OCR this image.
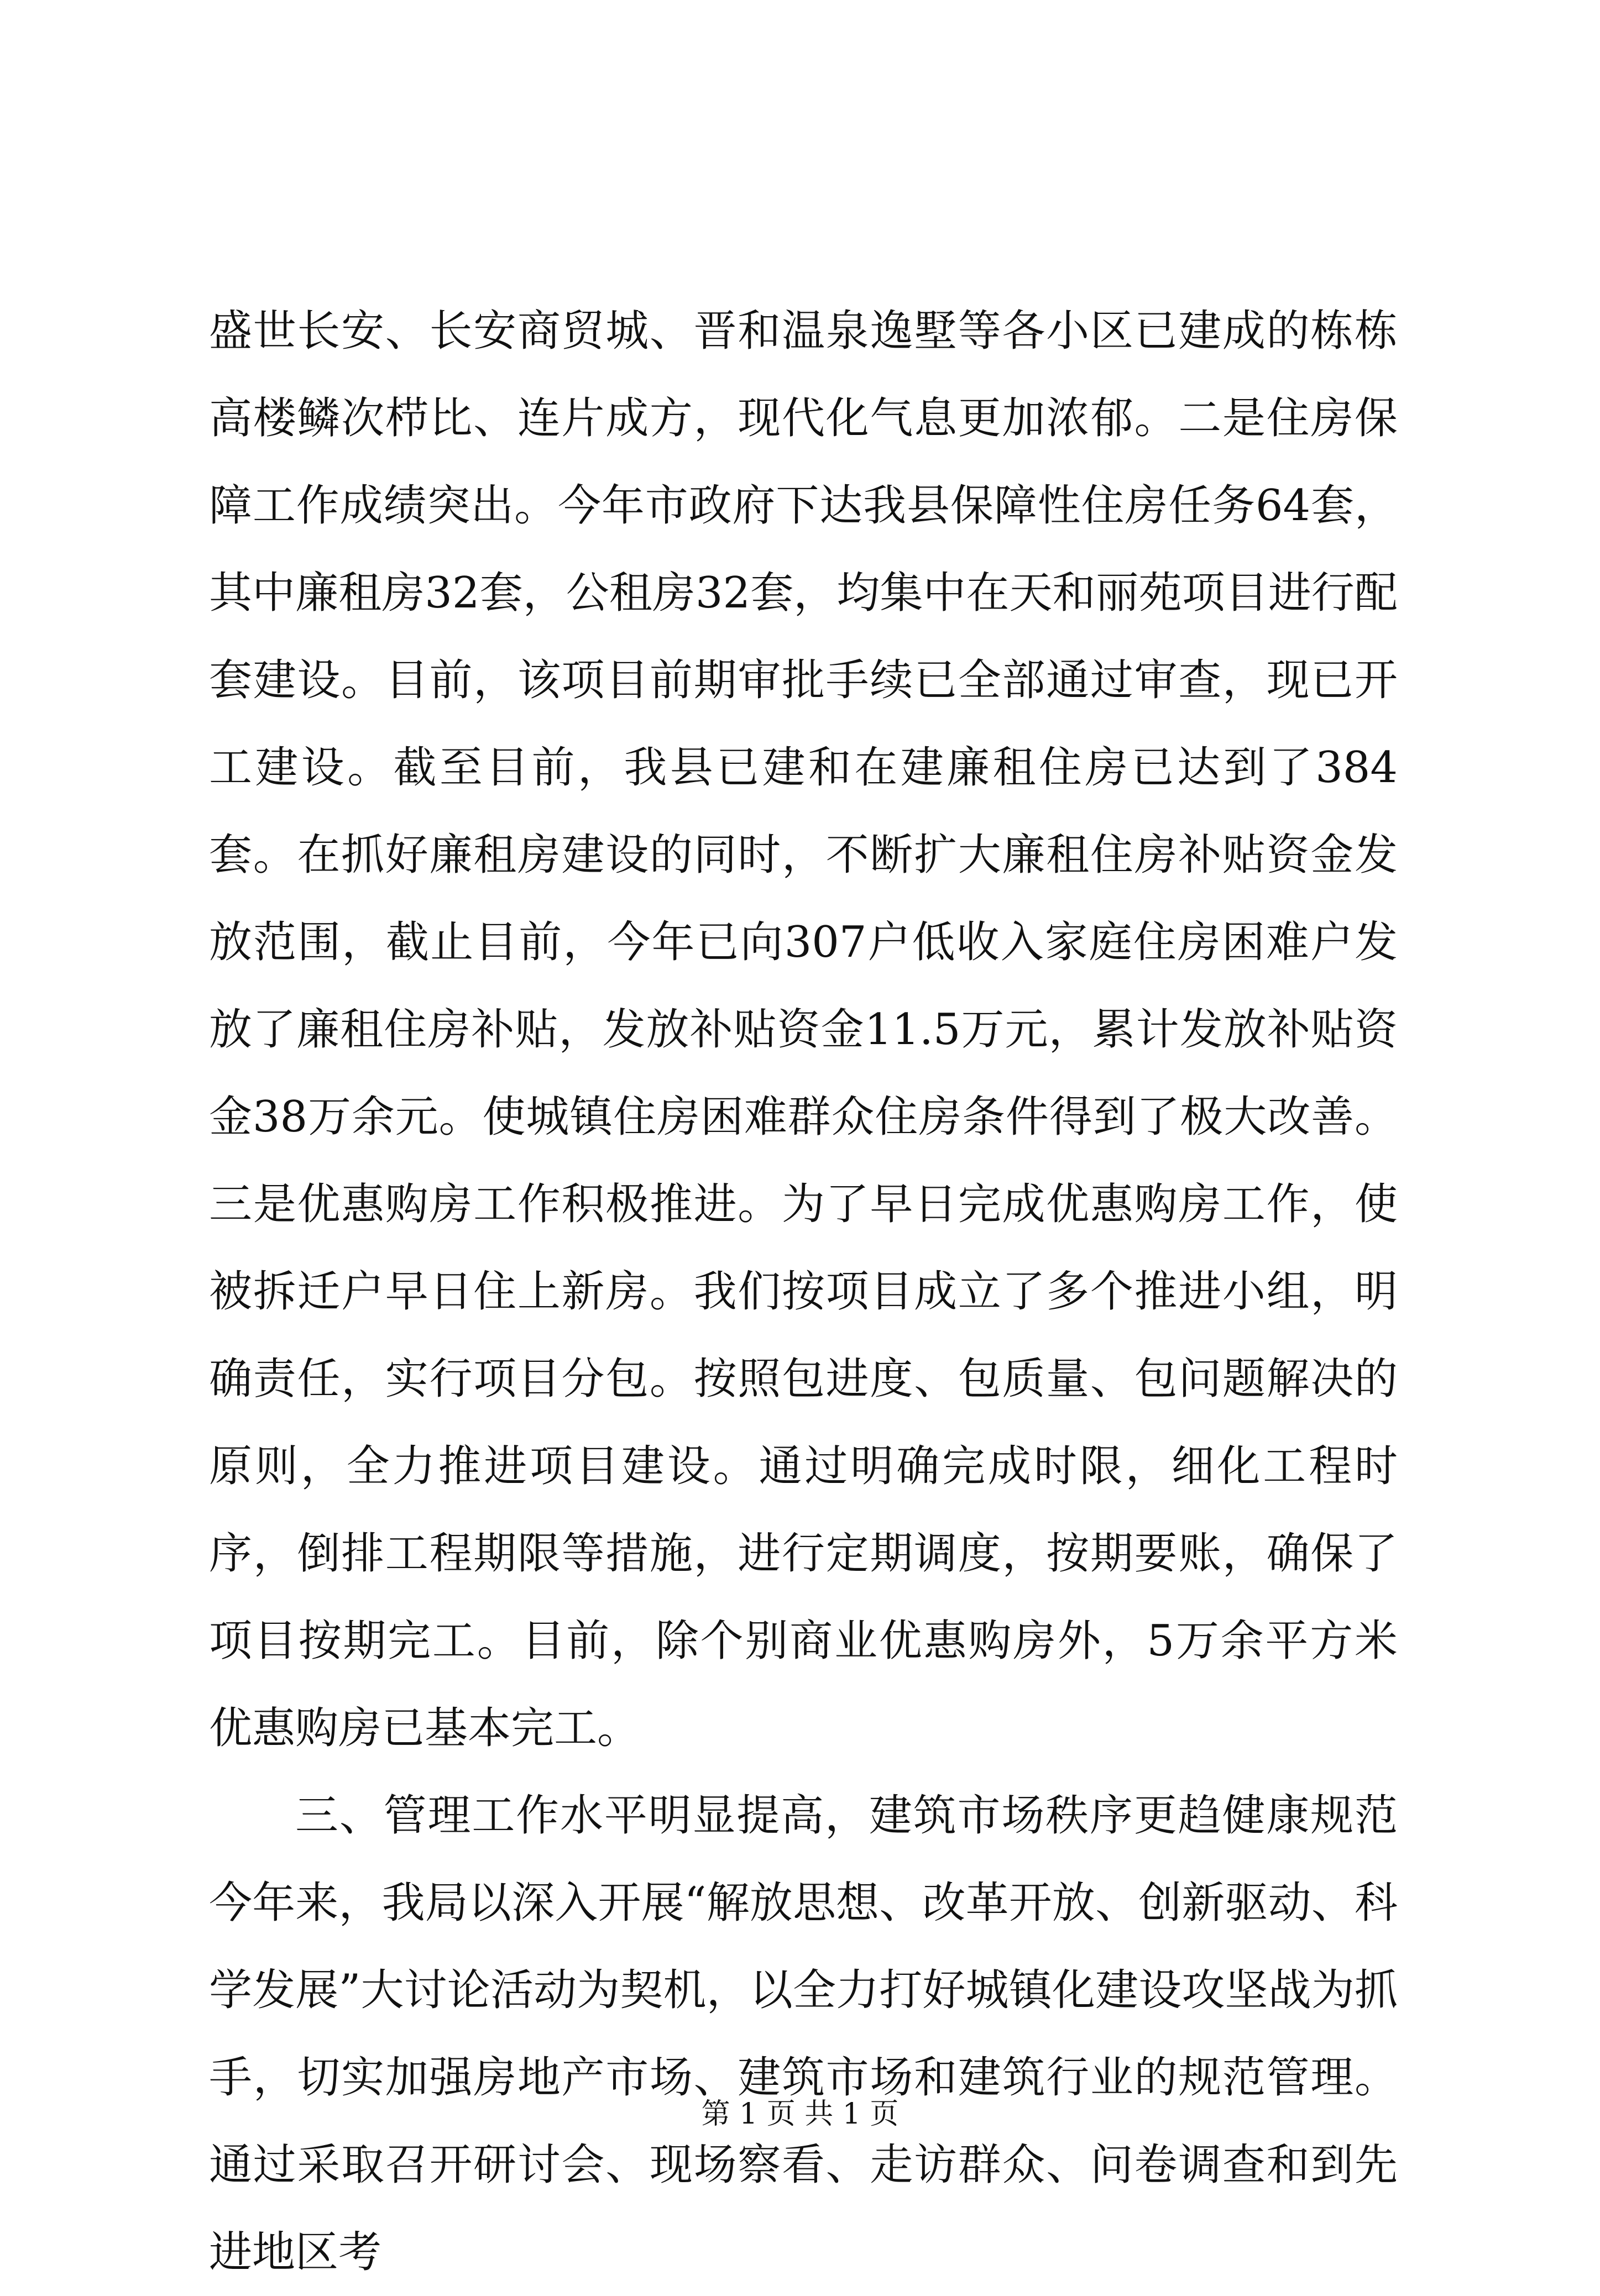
盛世长安、长安商贸城、晋和温泉逸墅等各小区已建成的栋栋高楼鳞次栉比、连片成方，现代化气息更加浓郁。二是住房保障工作成绩突出。今年市政府下达我县保障性住房任务64套，其中廉租房32套，公租房32套，均集中在天和丽苑项目进行配套建设。目前，该项目前期审批手续已全部通过审查，现已开工建设。截至目前，我县已建和在建廉租住房已达到了384套。在抓好廉租房建设的同时，不断扩大廉租住房补贴资金发放范围，截止目前，今年已向307户低收入家庭住房困难户发放了廉租住房补贴，发放补贴资金11.5万元，累计发放补贴资金38万余元。使城镇住房困难群众住房条件得到了极大改善。三是优惠购房工作积极推进。为了早日完成优惠购房工作，使被拆迁户早日住上新房。我们按项目成立了多个推进小组，明确责任，实行项目分包。按照包进度、包质量、包问题解决的原则，全力推进项目建设。通过明确完成时限，细化工程时序，倒排工程期限等措施，进行定期调度，按期要账，确保了项目按期完工。目前，除个别商业优惠购房外，5万余平方米优惠购房已基本完工。

三、管理工作水平明显提高，建筑市场秩序更趋健康规范今年来，我局以深入开展“解放思想、改革开放、创新驱动、科学发展”大讨论活动为契机，以全力打好城镇化建设攻坚战为抓手，切实加强房地产市场、建筑市场和建筑行业的规范管理。通过采取召开研讨会、现场察看、走访群众、问卷调查和到先进地区考

第 1 页 共 1 页
